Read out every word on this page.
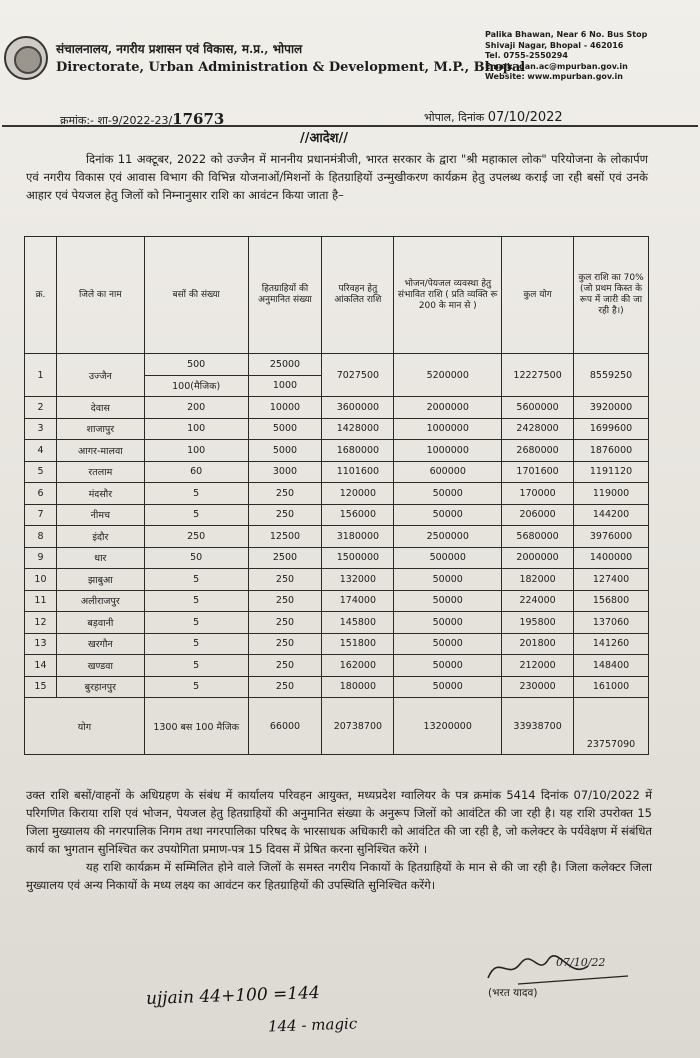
संचालनालय, नगरीय प्रशासन एवं विकास, म.प्र., भोपाल
Directorate, Urban Administration & Development, M.P., Bhopal
Palika Bhawan, Near 6 No. Bus Stop
Shivaji Nagar, Bhopal - 462016
Tel. 0755-2550294
Email:- gan.ac@mpurban.gov.in
Website: www.mpurban.gov.in
क्रमांक:- शा-9/2022-23/17673	भोपाल, दिनांक 07/10/2022
//आदेश//
दिनांक 11 अक्टूबर, 2022 को उज्जैन में माननीय प्रधानमंत्रीजी, भारत सरकार के द्वारा "श्री महाकाल लोक" परियोजना के लोकार्पण एवं नगरीय विकास एवं आवास विभाग की विभिन्न योजनाओं/मिशनों के हितग्राहियों उन्मुखीकरण कार्यक्रम हेतु उपलब्ध कराई जा रही बसों एवं उनके आहार एवं पेयजल हेतु जिलों को निम्नानुसार राशि का आवंटन किया जाता है–
क्र.	जिले का नाम	बसों की संख्या	हितग्राहियों की अनुमानित संख्या	परिवहन हेतु आंकलित राशि	भोजन/पेयजल व्यवस्था हेतु संभावित राशि ( प्रति व्यक्ति रू 200 के मान से )	कुल योग	कुल राशि का 70% (जो प्रथम किस्त के रूप में जारी की जा रही है।)
1	उज्जैन	500	25000	7027500	5200000	12227500	8559250
		100(मैजिक)	1000				
2	देवास	200	10000	3600000	2000000	5600000	3920000
3	शाजापुर	100	5000	1428000	1000000	2428000	1699600
4	आगर-मालवा	100	5000	1680000	1000000	2680000	1876000
5	रतलाम	60	3000	1101600	600000	1701600	1191120
6	मंदसौर	5	250	120000	50000	170000	119000
7	नीमच	5	250	156000	50000	206000	144200
8	इंदौर	250	12500	3180000	2500000	5680000	3976000
9	धार	50	2500	1500000	500000	2000000	1400000
10	झाबुआ	5	250	132000	50000	182000	127400
11	अलीराजपुर	5	250	174000	50000	224000	156800
12	बड़वानी	5	250	145800	50000	195800	137060
13	खरगौन	5	250	151800	50000	201800	141260
14	खण्डवा	5	250	162000	50000	212000	148400
15	बुरहानपुर	5	250	180000	50000	230000	161000
योग		1300 बस 100 मैजिक	66000	20738700	13200000	33938700	23757090

उक्त राशि बसों/वाहनों के अधिग्रहण के संबंध में कार्यालय परिवहन आयुक्त, मध्यप्रदेश ग्वालियर के पत्र क्रमांक 5414 दिनांक 07/10/2022 में परिगणित किराया राशि एवं भोजन, पेयजल हेतु हितग्राहियों की अनुमानित संख्या के अनुरूप जिलों को आवंटित की जा रही है। यह राशि उपरोक्त 15 जिला मुख्यालय की नगरपालिक निगम तथा नगरपालिका परिषद के भारसाधक अधिकारी को आवंटित की जा रही है, जो कलेक्टर के पर्यवेक्षण में संबंधित कार्य का भुगतान सुनिश्चित कर उपयोगिता प्रमाण-पत्र 15 दिवस में प्रेषित करना सुनिश्चित करेंगे ।

यह राशि कार्यक्रम में सम्मिलित होने वाले जिलों के समस्त नगरीय निकायों के हितग्राहियों के मान से की जा रही है। जिला कलेक्टर जिला मुख्यालय एवं अन्य निकायों के मध्य लक्ष्य का आवंटन कर हितग्राहियों की उपस्थिति सुनिश्चित करेंगे।

07/10/22
(भरत यादव)
ujjain 44+100 =144
144 - magic
